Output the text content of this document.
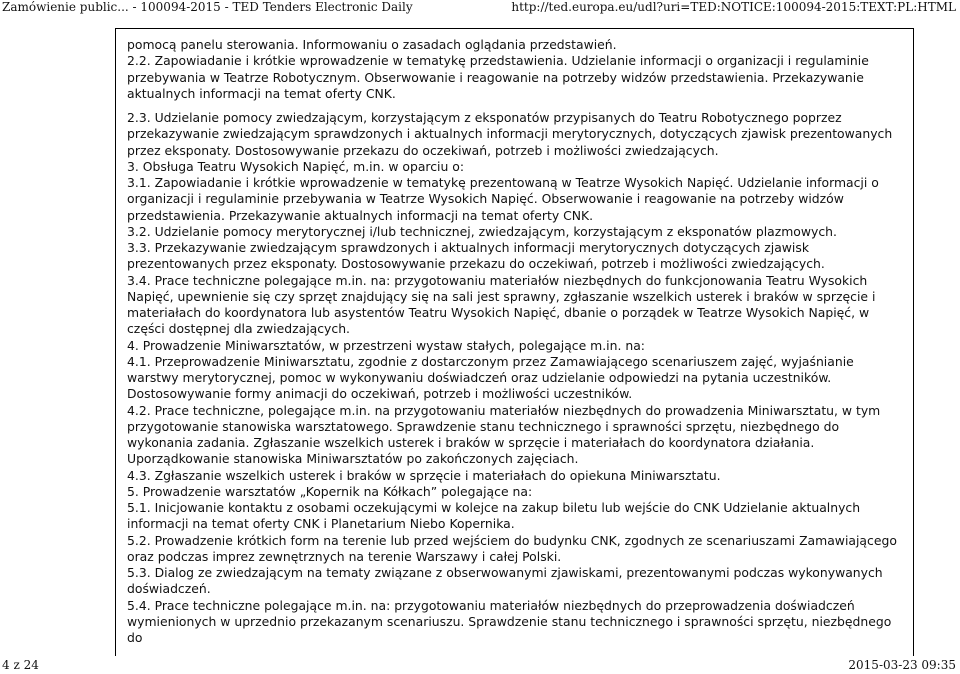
Zamówienie public... - 100094-2015 - TED Tenders Electronic Daily	http://ted.europa.eu/udl?uri=TED:NOTICE:100094-2015:TEXT:PL:HTML

pomocą panelu sterowania. Informowaniu o zasadach oglądania przedstawień.

2.2. Zapowiadanie i krótkie wprowadzenie w tematykę przedstawienia. Udzielanie informacji o organizacji i regulaminie przebywania w Teatrze Robotycznym. Obserwowanie i reagowanie na potrzeby widzów przedstawienia. Przekazywanie aktualnych informacji na temat oferty CNK.

2.3. Udzielanie pomocy zwiedzającym, korzystającym z eksponatów przypisanych do Teatru Robotycznego poprzez przekazywanie zwiedzającym sprawdzonych i aktualnych informacji merytorycznych, dotyczących zjawisk prezentowanych przez eksponaty. Dostosowywanie przekazu do oczekiwań, potrzeb i możliwości zwiedzających.

3. Obsługa Teatru Wysokich Napięć, m.in. w oparciu o:

3.1. Zapowiadanie i krótkie wprowadzenie w tematykę prezentowaną w Teatrze Wysokich Napięć. Udzielanie informacji o organizacji i regulaminie przebywania w Teatrze Wysokich Napięć. Obserwowanie i reagowanie na potrzeby widzów przedstawienia. Przekazywanie aktualnych informacji na temat oferty CNK.

3.2. Udzielanie pomocy merytorycznej i/lub technicznej, zwiedzającym, korzystającym z eksponatów plazmowych.

3.3. Przekazywanie zwiedzającym sprawdzonych i aktualnych informacji merytorycznych dotyczących zjawisk prezentowanych przez eksponaty. Dostosowywanie przekazu do oczekiwań, potrzeb i możliwości zwiedzających.

3.4. Prace techniczne polegające m.in. na: przygotowaniu materiałów niezbędnych do funkcjonowania Teatru Wysokich Napięć, upewnienie się czy sprzęt znajdujący się na sali jest sprawny, zgłaszanie wszelkich usterek i braków w sprzęcie i materiałach do koordynatora lub asystentów Teatru Wysokich Napięć, dbanie o porządek w Teatrze Wysokich Napięć, w części dostępnej dla zwiedzających.

4. Prowadzenie Miniwarsztatów, w przestrzeni wystaw stałych, polegające m.in. na:

4.1. Przeprowadzenie Miniwarsztatu, zgodnie z dostarczonym przez Zamawiającego scenariuszem zajęć, wyjaśnianie warstwy merytorycznej, pomoc w wykonywaniu doświadczeń oraz udzielanie odpowiedzi na pytania uczestników. Dostosowywanie formy animacji do oczekiwań, potrzeb i możliwości uczestników.

4.2. Prace techniczne, polegające m.in. na przygotowaniu materiałów niezbędnych do prowadzenia Miniwarsztatu, w tym przygotowanie stanowiska warsztatowego. Sprawdzenie stanu technicznego i sprawności sprzętu, niezbędnego do wykonania zadania. Zgłaszanie wszelkich usterek i braków w sprzęcie i materiałach do koordynatora działania. Uporządkowanie stanowiska Miniwarsztatów po zakończonych zajęciach.

4.3. Zgłaszanie wszelkich usterek i braków w sprzęcie i materiałach do opiekuna Miniwarsztatu.

5. Prowadzenie warsztatów „Kopernik na Kółkach” polegające na:

5.1. Inicjowanie kontaktu z osobami oczekującymi w kolejce na zakup biletu lub wejście do CNK Udzielanie aktualnych informacji na temat oferty CNK i Planetarium Niebo Kopernika.

5.2. Prowadzenie krótkich form na terenie lub przed wejściem do budynku CNK, zgodnych ze scenariuszami Zamawiającego oraz podczas imprez zewnętrznych na terenie Warszawy i całej Polski.

5.3. Dialog ze zwiedzającym na tematy związane z obserwowanymi zjawiskami, prezentowanymi podczas wykonywanych doświadczeń.

5.4. Prace techniczne polegające m.in. na: przygotowaniu materiałów niezbędnych do przeprowadzenia doświadczeń wymienionych w uprzednio przekazanym scenariuszu. Sprawdzenie stanu technicznego i sprawności sprzętu, niezbędnego do

4 z 24	2015-03-23 09:35
